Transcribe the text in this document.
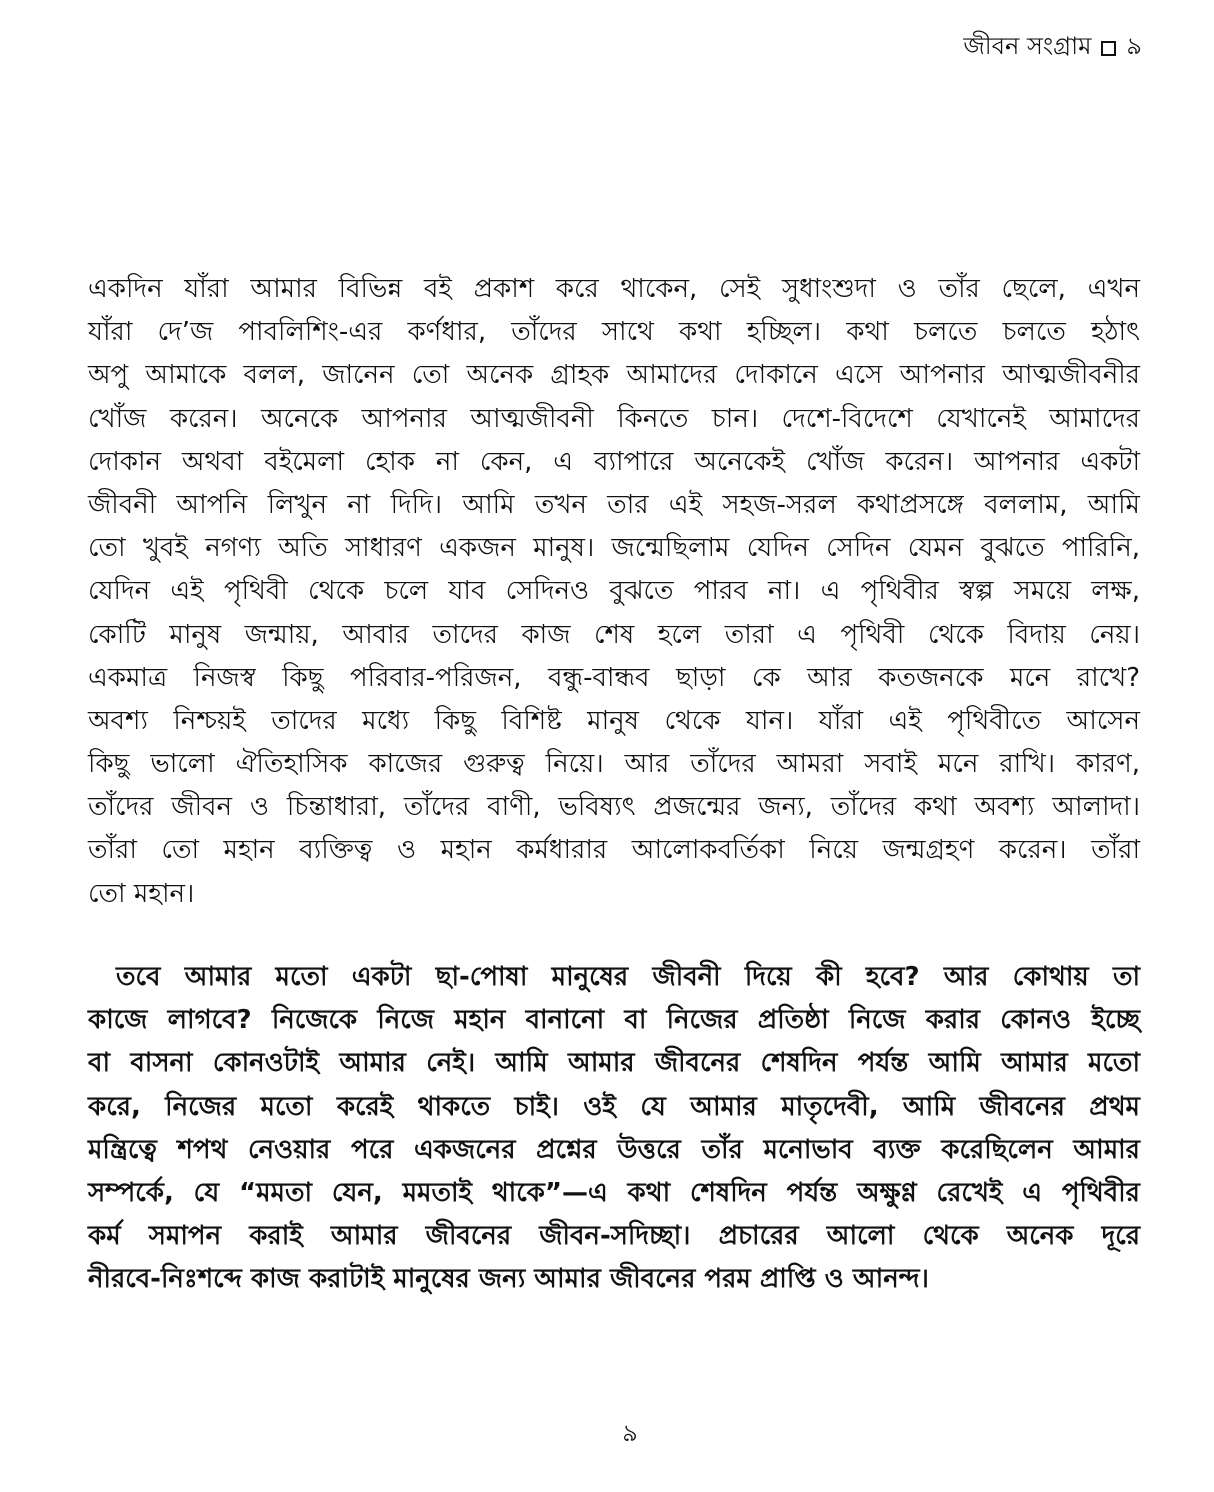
জীবন সংগ্রাম ৯
একদিন যাঁরা আমার বিভিন্ন বই প্রকাশ করে থাকেন, সেই সুধাংশুদা ও তাঁর ছেলে, এখন
যাঁরা দে’জ পাবলিশিং-এর কর্ণধার, তাঁদের সাথে কথা হচ্ছিল। কথা চলতে চলতে হঠাৎ
অপু আমাকে বলল, জানেন তো অনেক গ্রাহক আমাদের দোকানে এসে আপনার আত্মজীবনীর
খোঁজ করেন। অনেকে আপনার আত্মজীবনী কিনতে চান। দেশে-বিদেশে যেখানেই আমাদের
দোকান অথবা বইমেলা হোক না কেন, এ ব্যাপারে অনেকেই খোঁজ করেন। আপনার একটা
জীবনী আপনি লিখুন না দিদি। আমি তখন তার এই সহজ-সরল কথাপ্রসঙ্গে বললাম, আমি
তো খুবই নগণ্য অতি সাধারণ একজন মানুষ। জন্মেছিলাম যেদিন সেদিন যেমন বুঝতে পারিনি,
যেদিন এই পৃথিবী থেকে চলে যাব সেদিনও বুঝতে পারব না। এ পৃথিবীর স্বল্প সময়ে লক্ষ,
কোটি মানুষ জন্মায়, আবার তাদের কাজ শেষ হলে তারা এ পৃথিবী থেকে বিদায় নেয়।
একমাত্র নিজস্ব কিছু পরিবার-পরিজন, বন্ধু-বান্ধব ছাড়া কে আর কতজনকে মনে রাখে?
অবশ্য নিশ্চয়ই তাদের মধ্যে কিছু বিশিষ্ট মানুষ থেকে যান। যাঁরা এই পৃথিবীতে আসেন
কিছু ভালো ঐতিহাসিক কাজের গুরুত্ব নিয়ে। আর তাঁদের আমরা সবাই মনে রাখি। কারণ,
তাঁদের জীবন ও চিন্তাধারা, তাঁদের বাণী, ভবিষ্যৎ প্রজন্মের জন্য, তাঁদের কথা অবশ্য আলাদা।
তাঁরা তো মহান ব্যক্তিত্ব ও মহান কর্মধারার আলোকবর্তিকা নিয়ে জন্মগ্রহণ করেন। তাঁরা
তো মহান।
তবে আমার মতো একটা ছা-পোষা মানুষের জীবনী দিয়ে কী হবে? আর কোথায় তা
কাজে লাগবে? নিজেকে নিজে মহান বানানো বা নিজের প্রতিষ্ঠা নিজে করার কোনও ইচ্ছে
বা বাসনা কোনওটাই আমার নেই। আমি আমার জীবনের শেষদিন পর্যন্ত আমি আমার মতো
করে, নিজের মতো করেই থাকতে চাই। ওই যে আমার মাতৃদেবী, আমি জীবনের প্রথম
মন্ত্রিত্বে শপথ নেওয়ার পরে একজনের প্রশ্নের উত্তরে তাঁর মনোভাব ব্যক্ত করেছিলেন আমার
সম্পর্কে, যে “মমতা যেন, মমতাই থাকে”—এ কথা শেষদিন পর্যন্ত অক্ষুণ্ণ রেখেই এ পৃথিবীর
কর্ম সমাপন করাই আমার জীবনের জীবন-সদিচ্ছা। প্রচারের আলো থেকে অনেক দূরে
নীরবে-নিঃশব্দে কাজ করাটাই মানুষের জন্য আমার জীবনের পরম প্রাপ্তি ও আনন্দ।
৯
